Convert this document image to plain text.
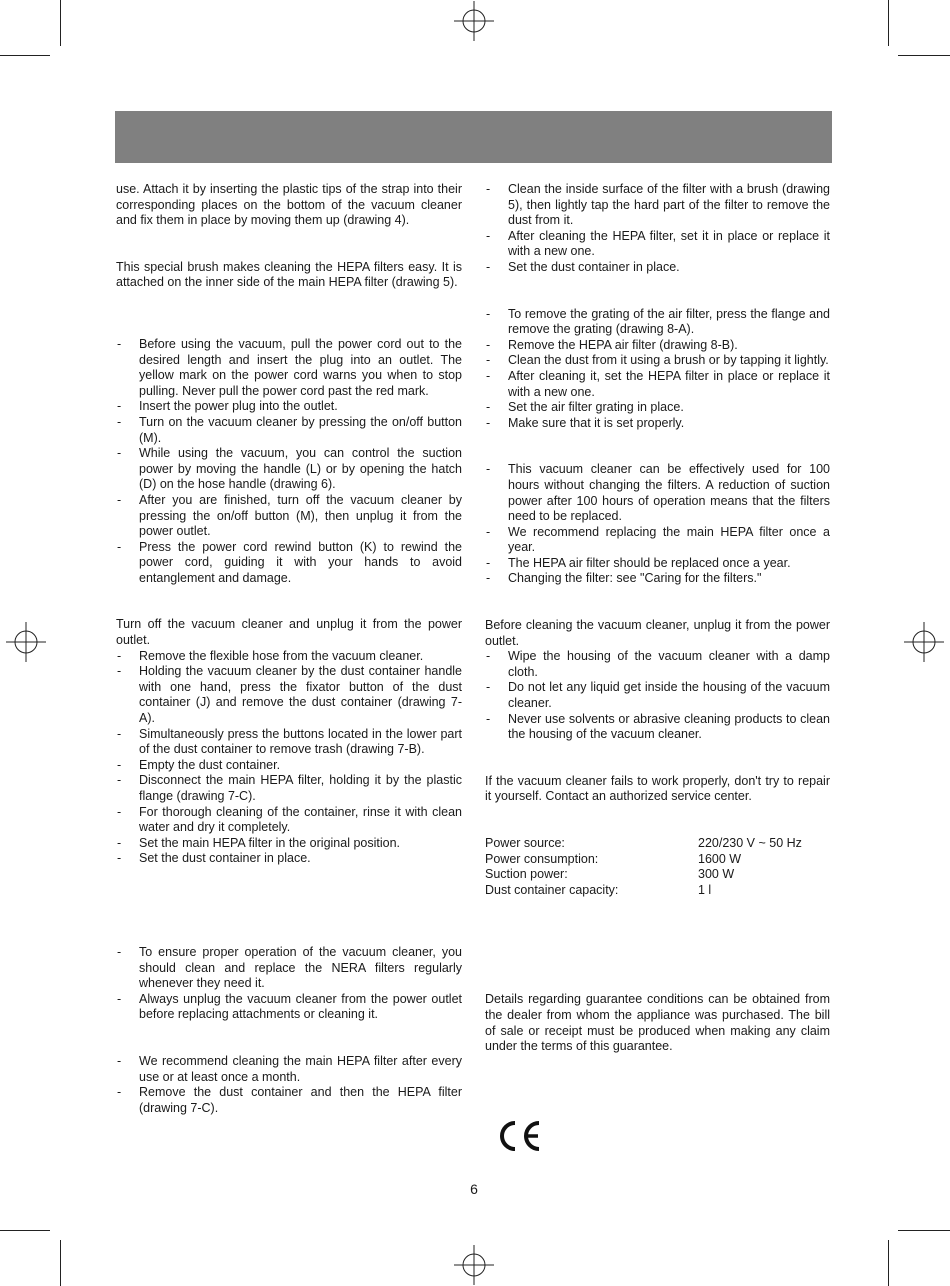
use. Attach it by inserting the plastic tips of the strap into their corresponding places on the bottom of the vacuum cleaner and fix them in place by moving them up (drawing 4).

This special brush makes cleaning the HEPA filters easy. It is attached on the inner side of the main HEPA filter (drawing 5).

- Before using the vacuum, pull the power cord out to the desired length and insert the plug into an outlet. The yellow mark on the power cord warns you when to stop pulling. Never pull the power cord past the red mark.
- Insert the power plug into the outlet.
- Turn on the vacuum cleaner by pressing the on/off button (M).
- While using the vacuum, you can control the suction power by moving the handle (L) or by opening the hatch (D) on the hose handle (drawing 6).
- After you are finished, turn off the vacuum cleaner by pressing the on/off button (M), then unplug it from the power outlet.
- Press the power cord rewind button (K) to rewind the power cord, guiding it with your hands to avoid entanglement and damage.

Turn off the vacuum cleaner and unplug it from the power outlet.

- Remove the flexible hose from the vacuum cleaner.
- Holding the vacuum cleaner by the dust container handle with one hand, press the fixator button of the dust container (J) and remove the dust container (drawing 7-A).
- Simultaneously press the buttons located in the lower part of the dust container to remove trash (drawing 7-B).
- Empty the dust container.
- Disconnect the main HEPA filter, holding it by the plastic flange (drawing 7-C).
- For thorough cleaning of the container, rinse it with clean water and dry it completely.
- Set the main HEPA filter in the original position.
- Set the dust container in place.
- To ensure proper operation of the vacuum cleaner, you should clean and replace the NERA filters regularly whenever they need it.
- Always unplug the vacuum cleaner from the power outlet before replacing attachments or cleaning it.
- We recommend cleaning the main HEPA filter after every use or at least once a month.
- Remove the dust container and then the HEPA filter (drawing 7-C).
- Clean the inside surface of the filter with a brush (drawing 5), then lightly tap the hard part of the filter to remove the dust from it.
- After cleaning the HEPA filter, set it in place or replace it with a new one.
- Set the dust container in place.
- To remove the grating of the air filter, press the flange and remove the grating (drawing 8-A).
- Remove the HEPA air filter (drawing 8-B).
- Clean the dust from it using a brush or by tapping it lightly.
- After cleaning it, set the HEPA filter in place or replace it with a new one.
- Set the air filter grating in place.
- Make sure that it is set properly.
- This vacuum cleaner can be effectively used for 100 hours without changing the filters. A reduction of suction power after 100 hours of operation means that the filters need to be replaced.
- We recommend replacing the main HEPA filter once a year.
- The HEPA air filter should be replaced once a year.
- Changing the filter: see "Caring for the filters."

Before cleaning the vacuum cleaner, unplug it from the power outlet.

- Wipe the housing of the vacuum cleaner with a damp cloth.
- Do not let any liquid get inside the housing of the vacuum cleaner.
- Never use solvents or abrasive cleaning products to clean the housing of the vacuum cleaner.

If the vacuum cleaner fails to work properly, don't try to repair it yourself. Contact an authorized service center.

Power source:	220/230 V ~ 50 Hz
Power consumption:	1600 W
Suction power:	300 W
Dust container capacity:	1 l

Details regarding guarantee conditions can be obtained from the dealer from whom the appliance was purchased. The bill of sale or receipt must be produced when making any claim under the terms of this guarantee.

6
